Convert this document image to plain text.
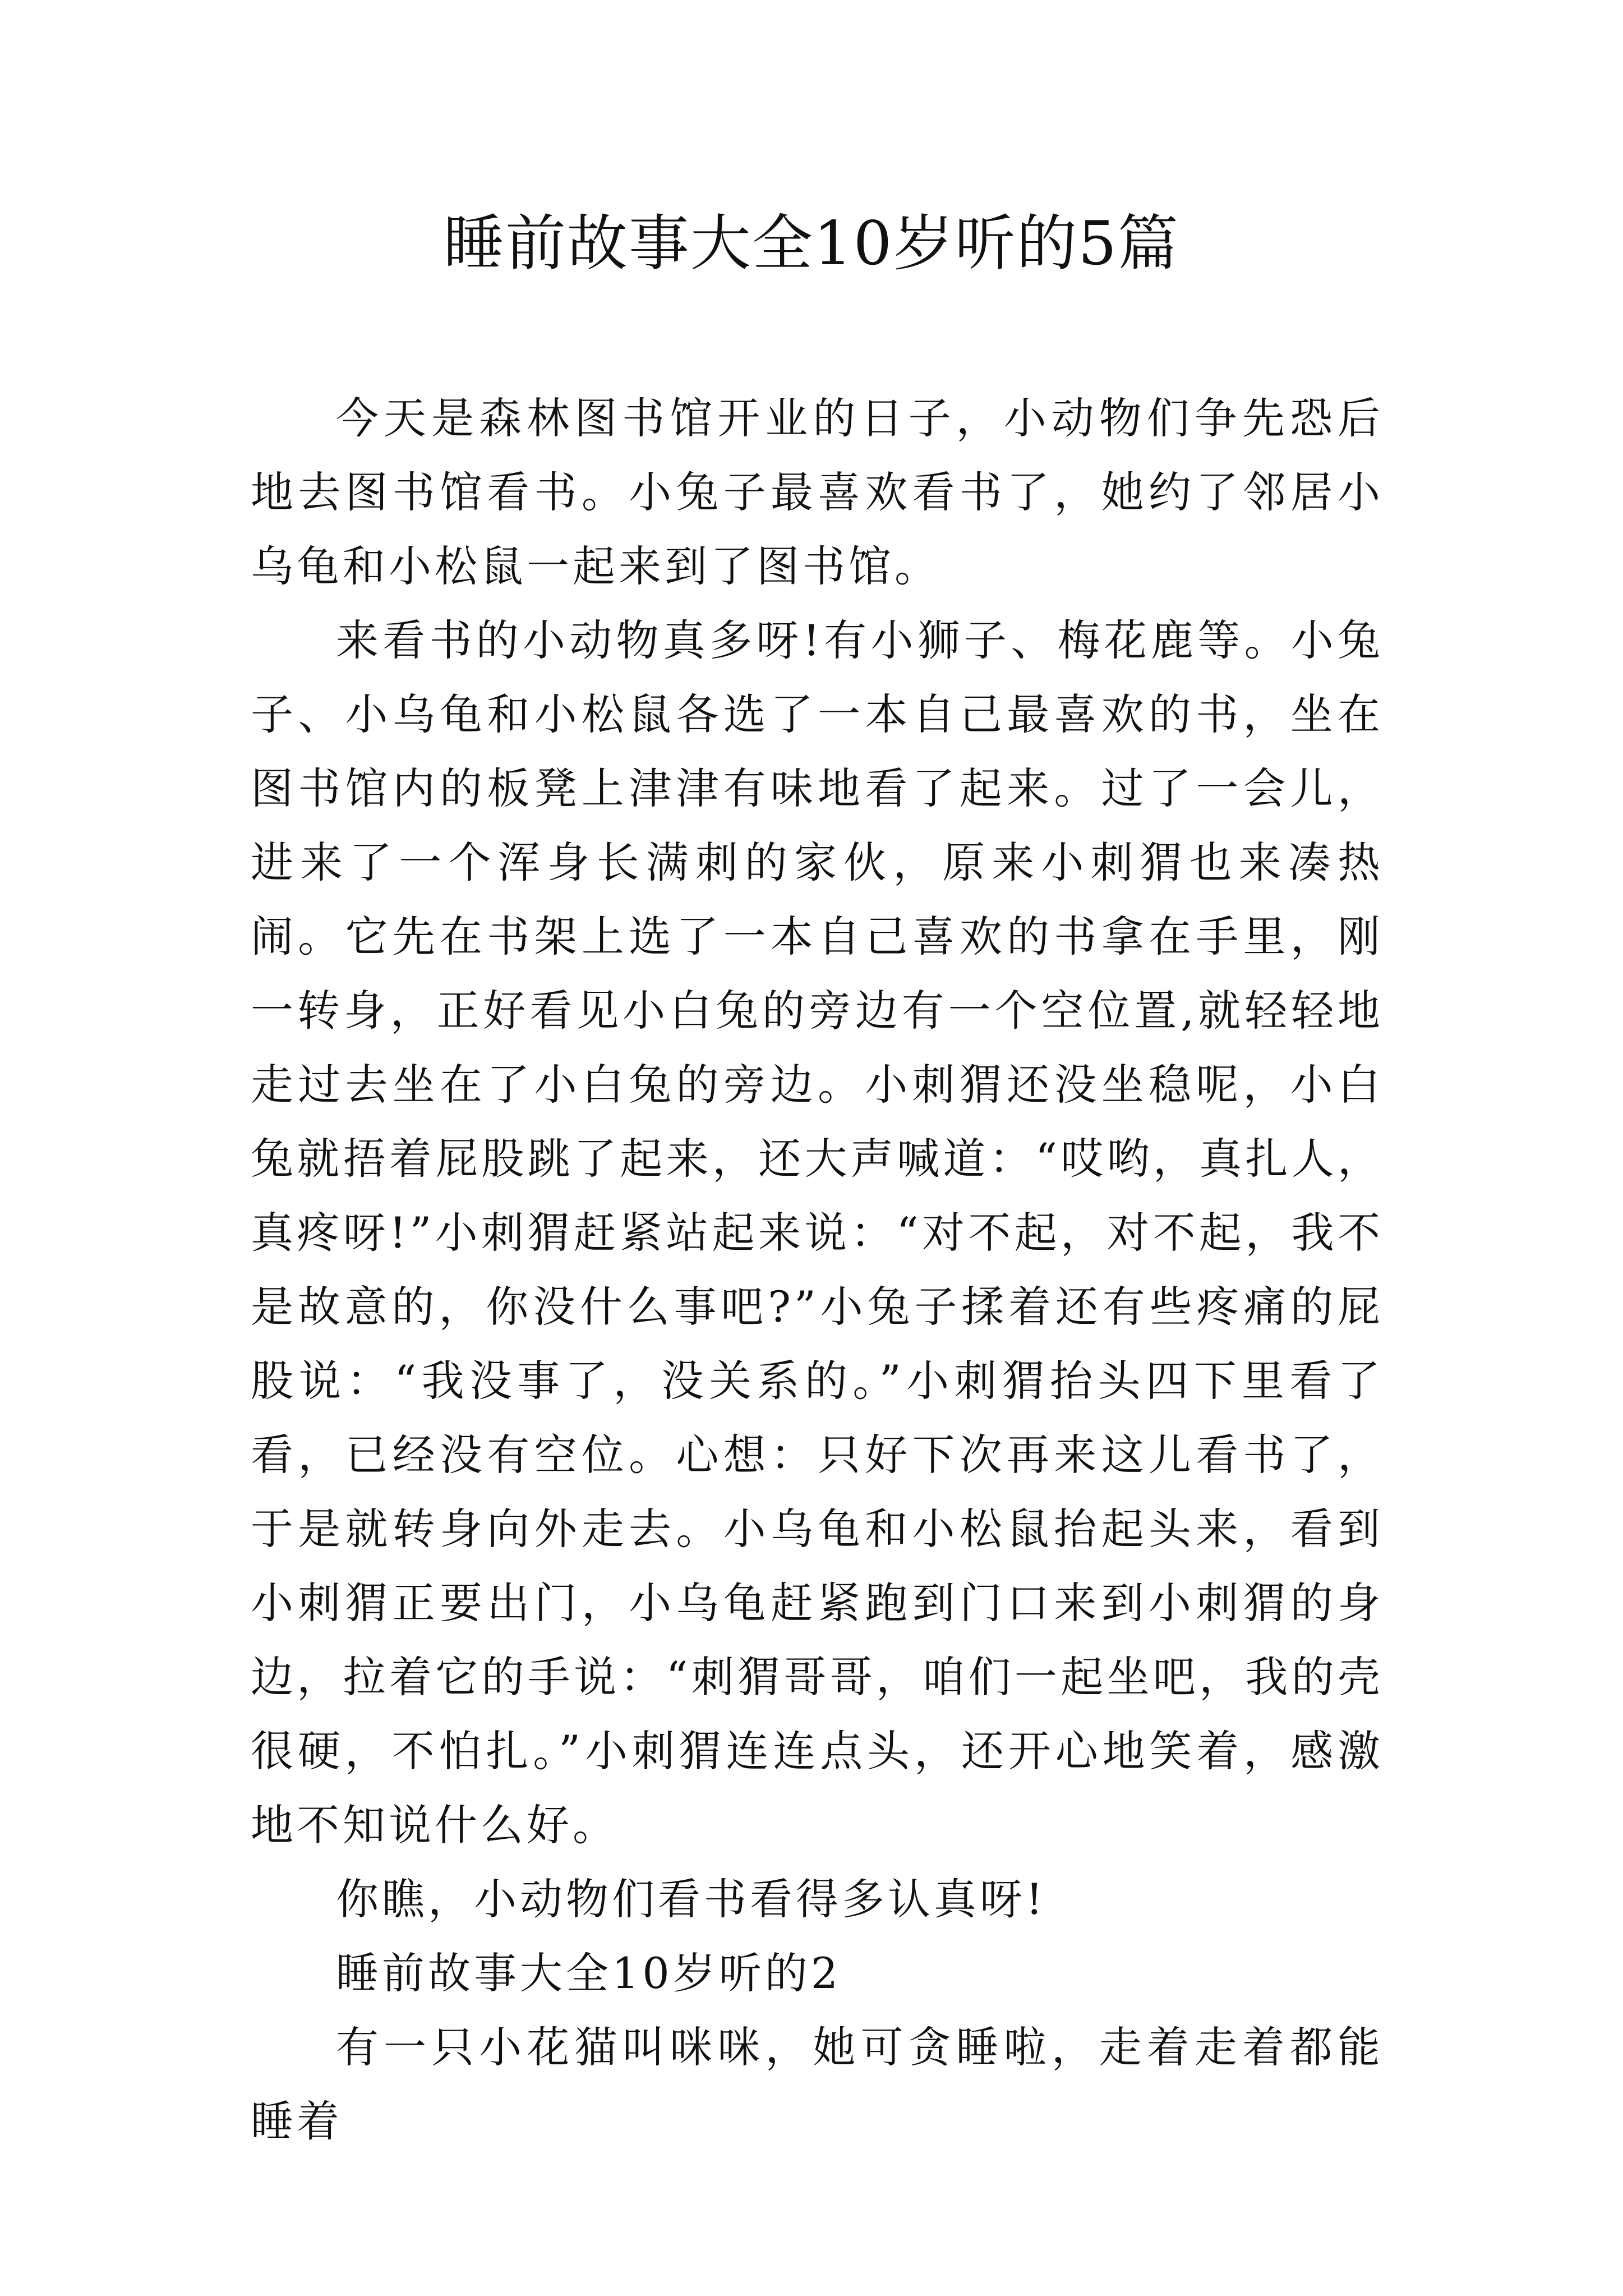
睡前故事大全10岁听的5篇

今天是森林图书馆开业的日子，小动物们争先恐后地去图书馆看书。小兔子最喜欢看书了，她约了邻居小乌龟和小松鼠一起来到了图书馆。

来看书的小动物真多呀!有小狮子、梅花鹿等。小兔子、小乌龟和小松鼠各选了一本自己最喜欢的书，坐在图书馆内的板凳上津津有味地看了起来。过了一会儿，进来了一个浑身长满刺的家伙，原来小刺猬也来凑热闹。它先在书架上选了一本自己喜欢的书拿在手里，刚一转身，正好看见小白兔的旁边有一个空位置,就轻轻地走过去坐在了小白兔的旁边。小刺猬还没坐稳呢，小白兔就捂着屁股跳了起来，还大声喊道：“哎哟，真扎人，真疼呀!”小刺猬赶紧站起来说：“对不起，对不起，我不是故意的，你没什么事吧?”小兔子揉着还有些疼痛的屁股说：“我没事了，没关系的。”小刺猬抬头四下里看了看，已经没有空位。心想：只好下次再来这儿看书了，于是就转身向外走去。小乌龟和小松鼠抬起头来，看到小刺猬正要出门，小乌龟赶紧跑到门口来到小刺猬的身边，拉着它的手说：“刺猬哥哥，咱们一起坐吧，我的壳很硬，不怕扎。”小刺猬连连点头，还开心地笑着，感激地不知说什么好。

你瞧，小动物们看书看得多认真呀!

睡前故事大全10岁听的2

有一只小花猫叫咪咪，她可贪睡啦，走着走着都能睡着
